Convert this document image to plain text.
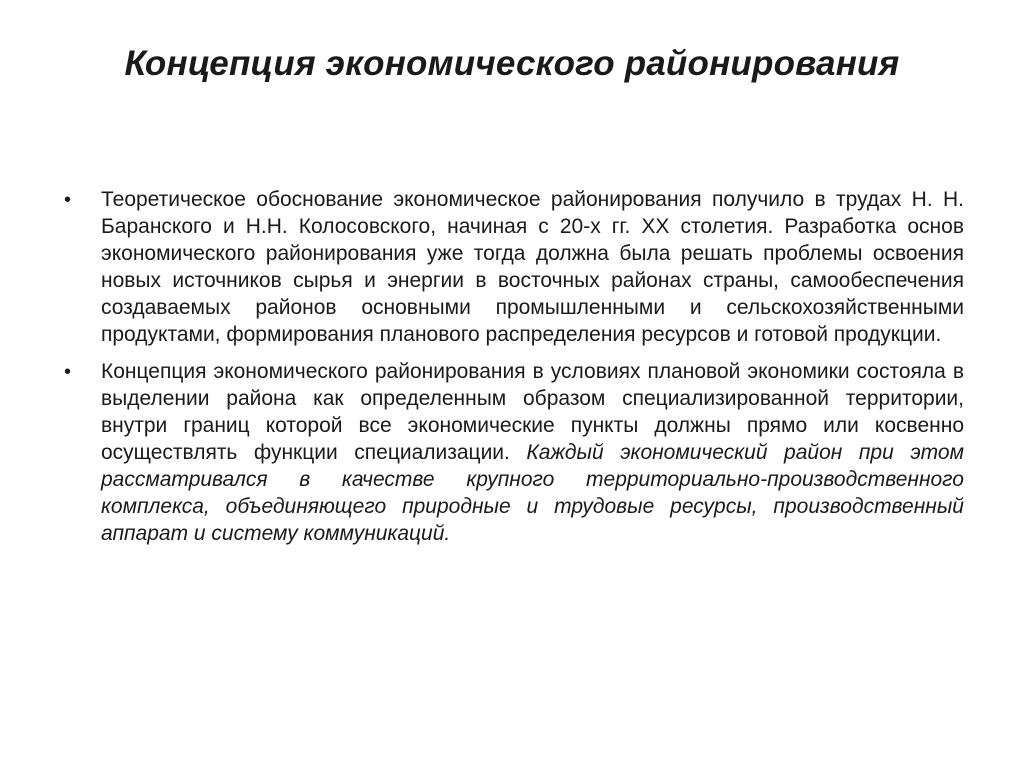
Концепция экономического районирования
• Теоретическое обоснование экономическое районирования получило в трудах Н. Н. Баранского и Н.Н. Колосовского, начиная с 20-х гг. XX столетия. Разработка основ экономического районирования уже тогда должна была решать проблемы освоения новых источников сырья и энергии в восточных районах страны, самообеспечения создаваемых районов основными промышленными и сельскохозяйственными продуктами, формирования планового распределения ресурсов и готовой продукции.

• Концепция экономического районирования в условиях плановой экономики состояла в выделении района как определенным образом специализированной территории, внутри границ которой все экономические пункты должны прямо или косвенно осуществлять функции специализации. Каждый экономический район при этом рассматривался в качестве крупного территориально-производственного комплекса, объединяющего природные и трудовые ресурсы, производственный аппарат и систему коммуникаций.
